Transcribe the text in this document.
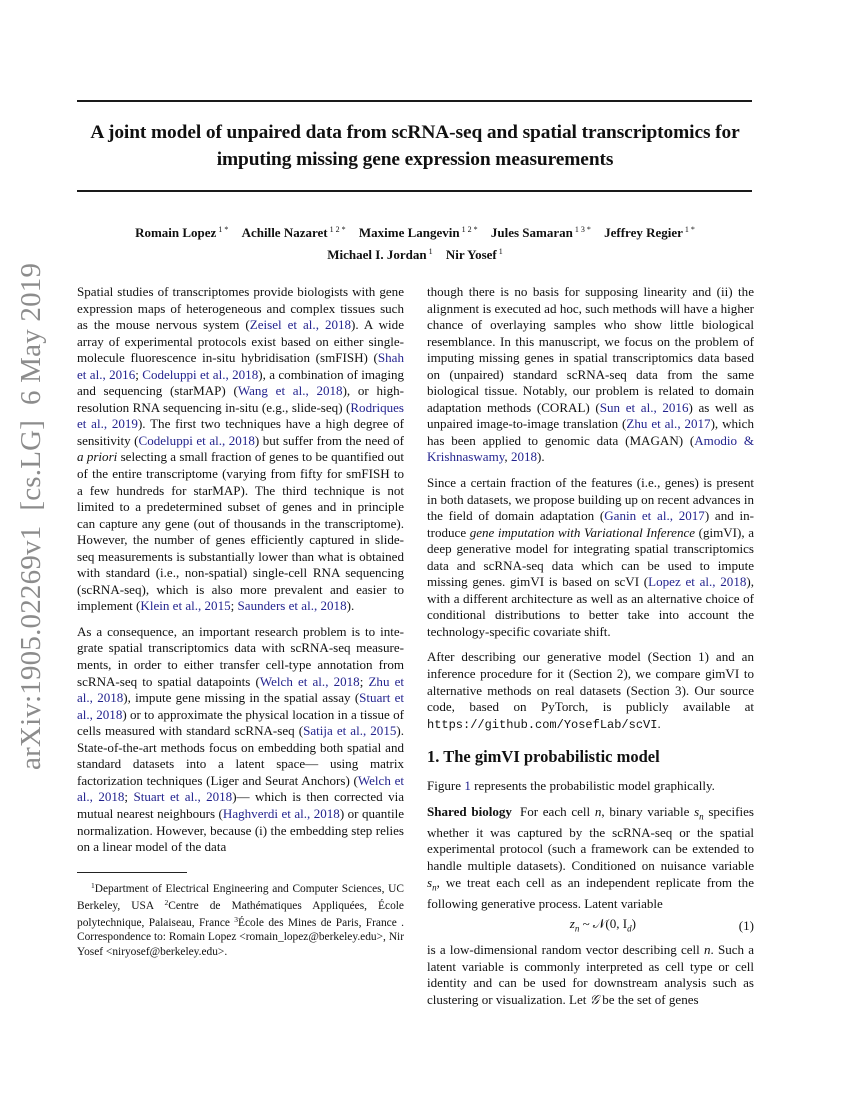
A joint model of unpaired data from scRNA-seq and spatial transcriptomics for
imputing missing gene expression measurements
Romain Lopez $^{1 *}$ Achille Nazaret $^{1 2 *}$ Maxime Langevin $^{1 2 *}$ Jules Samaran $^{1 3 *}$ Jeffrey Regier $^{1 *}$
Michael I. Jordan $^1$ Nir Yosef $^1$
arXiv:1905.02269v1  [cs.LG]  6 May 2019 Spatial studies of transcriptomes provide biologists with gene expression maps of heterogeneous and complex tissues such as the mouse nervous system (Zeisel et al., 2018). A wide array of experimental protocols exist based on either single-molecule fluorescence in-situ hybridisation (smFISH) (Shah et al., 2016; Codeluppi et al., 2018), a combination of imaging and sequencing (starMAP) (Wang et al., 2018), or high-resolution RNA sequencing in-situ (e.g., slide-seq) (Rodriques et al., 2019). The first two techniques have a high degree of sensitivity (Codeluppi et al., 2018) but suffer from the need of a priori selecting a small fraction of genes to be quantified out of the entire transcriptome (varying from fifty for smFISH to a few hundreds for starMAP). The third technique is not limited to a predetermined subset of genes and in principle can capture any gene (out of thousands in the transcriptome). However, the number of genes efficiently captured in slide-seq measurements is substantially lower than what is obtained with standard (i.e., non-spatial) single-cell RNA sequencing (scRNA-seq), which is also more prevalent and easier to implement (Klein et al., 2015; Saunders et al., 2018).

As a consequence, an important research problem is to integrate spatial transcriptomics data with scRNA-seq measurements, in order to either transfer cell-type annotation from scRNA-seq to spatial datapoints (Welch et al., 2018; Zhu et al., 2018), impute gene missing in the spatial assay (Stuart et al., 2018) or to approximate the physical location in a tissue of cells measured with standard scRNA-seq (Satija et al., 2015). State-of-the-art methods focus on embedding both spatial and standard datasets into a latent space— using matrix factorization techniques (Liger and Seurat Anchors) (Welch et al., 2018; Stuart et al., 2018)— which is then corrected via mutual nearest neighbours (Haghverdi et al., 2018) or quantile normalization. However, because (i) the embedding step relies on a linear model of the data

$^1$Department of Electrical Engineering and Computer Sciences, UC Berkeley, USA $^2$Centre de Mathématiques Appliquées, École polytechnique, Palaiseau, France $^3$École des Mines de Paris, France . Correspondence to: Romain Lopez <romain_lopez@berkeley.edu>, Nir Yosef <niryosef@berkeley.edu>.

though there is no basis for supposing linearity and (ii) the alignment is executed ad hoc, such methods will have a higher chance of overlaying samples who show little biological resemblance. In this manuscript, we focus on the problem of imputing missing genes in spatial transcriptomics data based on (unpaired) standard scRNA-seq data from the same biological tissue. Notably, our problem is related to domain adaptation methods (CORAL) (Sun et al., 2016) as well as unpaired image-to-image translation (Zhu et al., 2017), which has been applied to genomic data (MAGAN) (Amodio & Krishnaswamy, 2018).

Since a certain fraction of the features (i.e., genes) is present in both datasets, we propose building up on recent advances in the field of domain adaptation (Ganin et al., 2017) and introduce gene imputation with Variational Inference (gimVI), a deep generative model for integrating spatial transcriptomics data and scRNA-seq data which can be used to impute missing genes. gimVI is based on scVI (Lopez et al., 2018), with a different architecture as well as an alternative choice of conditional distributions to better take into account the technology-specific covariate shift.

After describing our generative model (Section 1) and an inference procedure for it (Section 2), we compare gimVI to alternative methods on real datasets (Section 3). Our source code, based on PyTorch, is publicly available at https://github.com/YosefLab/scVI.

1. The gimVI probabilistic model

Figure 1 represents the probabilistic model graphically.

Shared biology For each cell n, binary variable $s_n$ specifies whether it was captured by the scRNA-seq or the spatial experimental protocol (such a framework can be extended to handle multiple datasets). Conditioned on nuisance variable $s_n$, we treat each cell as an independent replicate from the following generative process. Latent variable

$z_n$ ~ 𝒩(0, $I_d$)	(1)

is a low-dimensional random vector describing cell n. Such a latent variable is commonly interpreted as cell type or cell identity and can be used for downstream analysis such as clustering or visualization. Let 𝒢 be the set of genes
